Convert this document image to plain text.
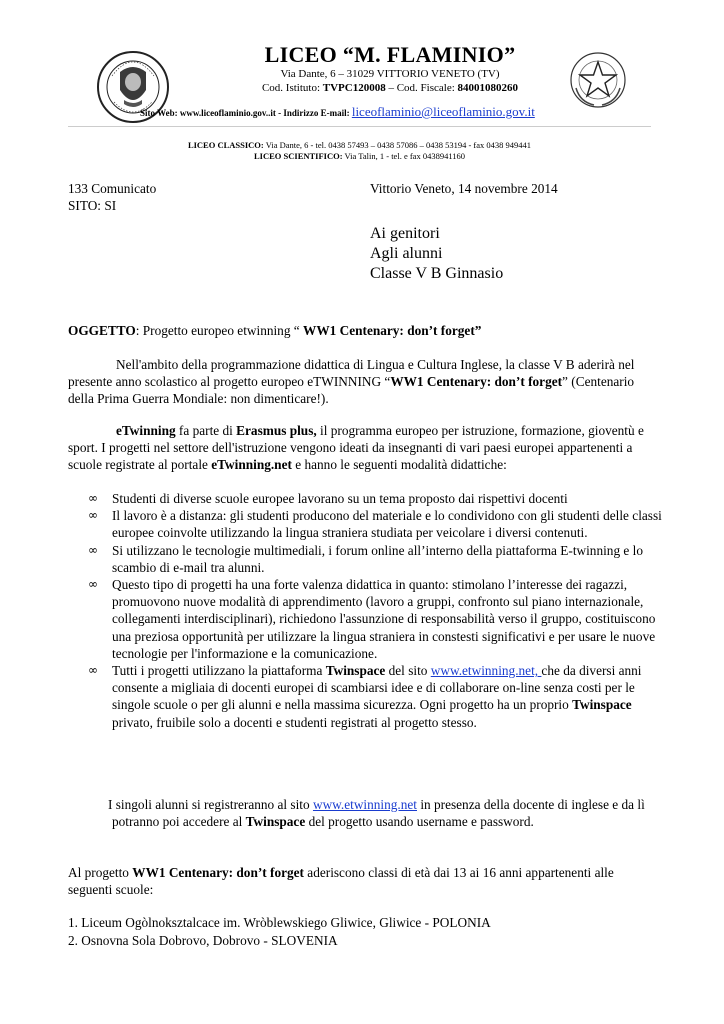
LICEO “M. FLAMINIO”
Via Dante, 6 – 31029 VITTORIO VENETO (TV)
Cod. Istituto: TVPC120008 – Cod. Fiscale: 84001080260
Sito Web: www.liceoflaminio.gov..it - Indirizzo E-mail: liceoflaminio@liceoflaminio.gov.it
LICEO CLASSICO: Via Dante, 6 - tel. 0438 57493 – 0438 57086 – 0438 53194 - fax 0438 949441
LICEO SCIENTIFICO: Via Talin, 1 - tel. e fax 0438941160
133 Comunicato
SITO: SI
Vittorio Veneto, 14 novembre 2014
Ai genitori
Agli alunni
Classe V B Ginnasio
OGGETTO: Progetto europeo etwinning “ WW1 Centenary: don’t forget”
Nell'ambito della programmazione didattica di Lingua e Cultura Inglese, la classe V B aderirà nel presente anno scolastico al progetto europeo eTWINNING “WW1 Centenary: don’t forget” (Centenario della Prima Guerra Mondiale: non dimenticare!).
eTwinning fa parte di Erasmus plus, il programma europeo per istruzione, formazione, gioventù e sport. I progetti nel settore dell'istruzione vengono ideati da insegnanti di vari paesi europei appartenenti a scuole registrate al portale eTwinning.net e hanno le seguenti modalità didattiche:
∞ Studenti di diverse scuole europee lavorano su un tema proposto dai rispettivi docenti
∞ Il lavoro è a distanza: gli studenti producono del materiale e lo condividono con gli studenti delle classi europee coinvolte utilizzando la lingua straniera studiata per veicolare i diversi contenuti.
∞ Si utilizzano le tecnologie multimediali, i forum online all’interno della piattaforma E-twinning e lo scambio di e-mail tra alunni.
∞ Questo tipo di progetti ha una forte valenza didattica in quanto: stimolano l’interesse dei ragazzi, promuovono nuove modalità di apprendimento (lavoro a gruppi, confronto sul piano internazionale, collegamenti interdisciplinari), richiedono l'assunzione di responsabilità verso il gruppo, costituiscono una preziosa opportunità per utilizzare la lingua straniera in constesti significativi e per usare le nuove tecnologie per l'informazione e la comunicazione.
∞ Tutti i progetti utilizzano la piattaforma Twinspace del sito www.etwinning.net, che da diversi anni consente a migliaia di docenti europei di scambiarsi idee e di collaborare on-line senza costi per le singole scuole o per gli alunni e nella massima sicurezza. Ogni progetto ha un proprio Twinspace privato, fruibile solo a docenti e studenti registrati al progetto stesso.
I singoli alunni si registreranno al sito www.etwinning.net in presenza della docente di inglese e da lì potranno poi accedere al Twinspace del progetto usando username e password.
Al progetto WW1 Centenary: don’t forget aderiscono classi di età dai 13 ai 16 anni appartenenti alle seguenti scuole:
1. Liceum Ogòlnoksztalcace im. Wròblewskiego Gliwice, Gliwice - POLONIA
2. Osnovna Sola Dobrovo, Dobrovo - SLOVENIA
